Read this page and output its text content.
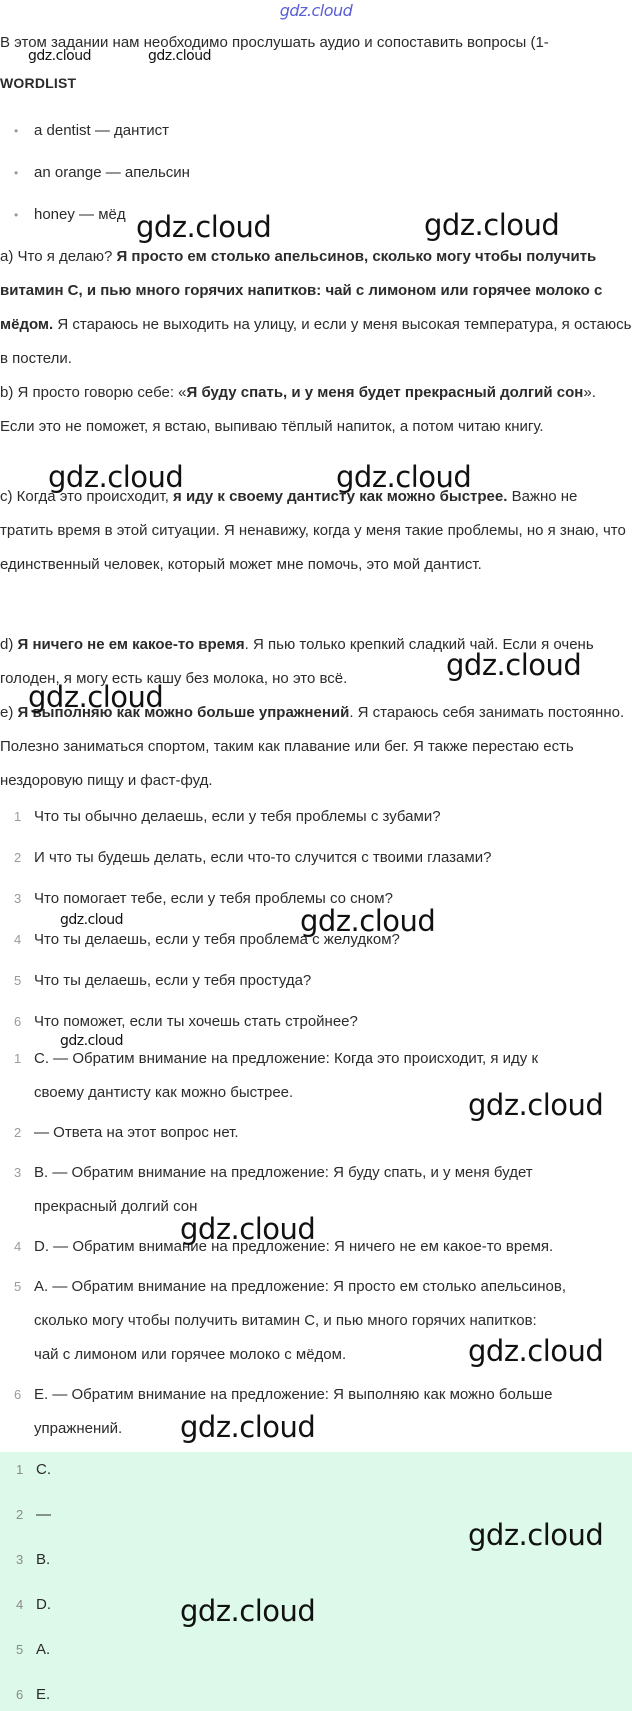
gdz.cloud
В этом задании нам необходимо прослушать аудио и сопоставить вопросы (1-
WORDLIST
• a dentist — дантист
• an orange — апельсин
• honey — мёд
a) Что я делаю? Я просто ем столько апельсинов, сколько могу чтобы получить витамин C, и пью много горячих напитков: чай с лимоном или горячее молоко с мёдом. Я стараюсь не выходить на улицу, и если у меня высокая температура, я остаюсь в постели.
b) Я просто говорю себе: «Я буду спать, и у меня будет прекрасный долгий сон». Если это не поможет, я встаю, выпиваю тёплый напиток, а потом читаю книгу.
c) Когда это происходит, я иду к своему дантисту как можно быстрее. Важно не тратить время в этой ситуации. Я ненавижу, когда у меня такие проблемы, но я знаю, что единственный человек, который может мне помочь, это мой дантист.
d) Я ничего не ем какое-то время. Я пью только крепкий сладкий чай. Если я очень голоден, я могу есть кашу без молока, но это всё.
e) Я выполняю как можно больше упражнений. Я стараюсь себя занимать постоянно. Полезно заниматься спортом, таким как плавание или бег. Я также перестаю есть нездоровую пищу и фаст-фуд.
1 Что ты обычно делаешь, если у тебя проблемы с зубами?
2 И что ты будешь делать, если что-то случится с твоими глазами?
3 Что помогает тебе, если у тебя проблемы со сном?
4 Что ты делаешь, если у тебя проблема с желудком?
5 Что ты делаешь, если у тебя простуда?
6 Что поможет, если ты хочешь стать стройнее?
1 C. — Обратим внимание на предложение: Когда это происходит, я иду к
своему дантисту как можно быстрее.
2 — Ответа на этот вопрос нет.
3 B. — Обратим внимание на предложение: Я буду спать, и у меня будет
прекрасный долгий сон
4 D. — Обратим внимание на предложение: Я ничего не ем какое-то время.
5 A. — Обратим внимание на предложение: Я просто ем столько апельсинов,
сколько могу чтобы получить витамин C, и пью много горячих напитков:
чай с лимоном или горячее молоко с мёдом.
6 E. — Обратим внимание на предложение: Я выполняю как можно больше
упражнений.
1 C.
2 —
3 B.
4 D.
5 A.
6 E.
gdz.cloud	gdz.cloud
gdz.cloud	gdz.cloud
gdz.cloud	gdz.cloud
gdz.cloud
gdz.cloud
gdz.cloud	gdz.cloud
gdz.cloud
gdz.cloud
gdz.cloud
gdz.cloud
gdz.cloud
gdz.cloud
gdz.cloud
